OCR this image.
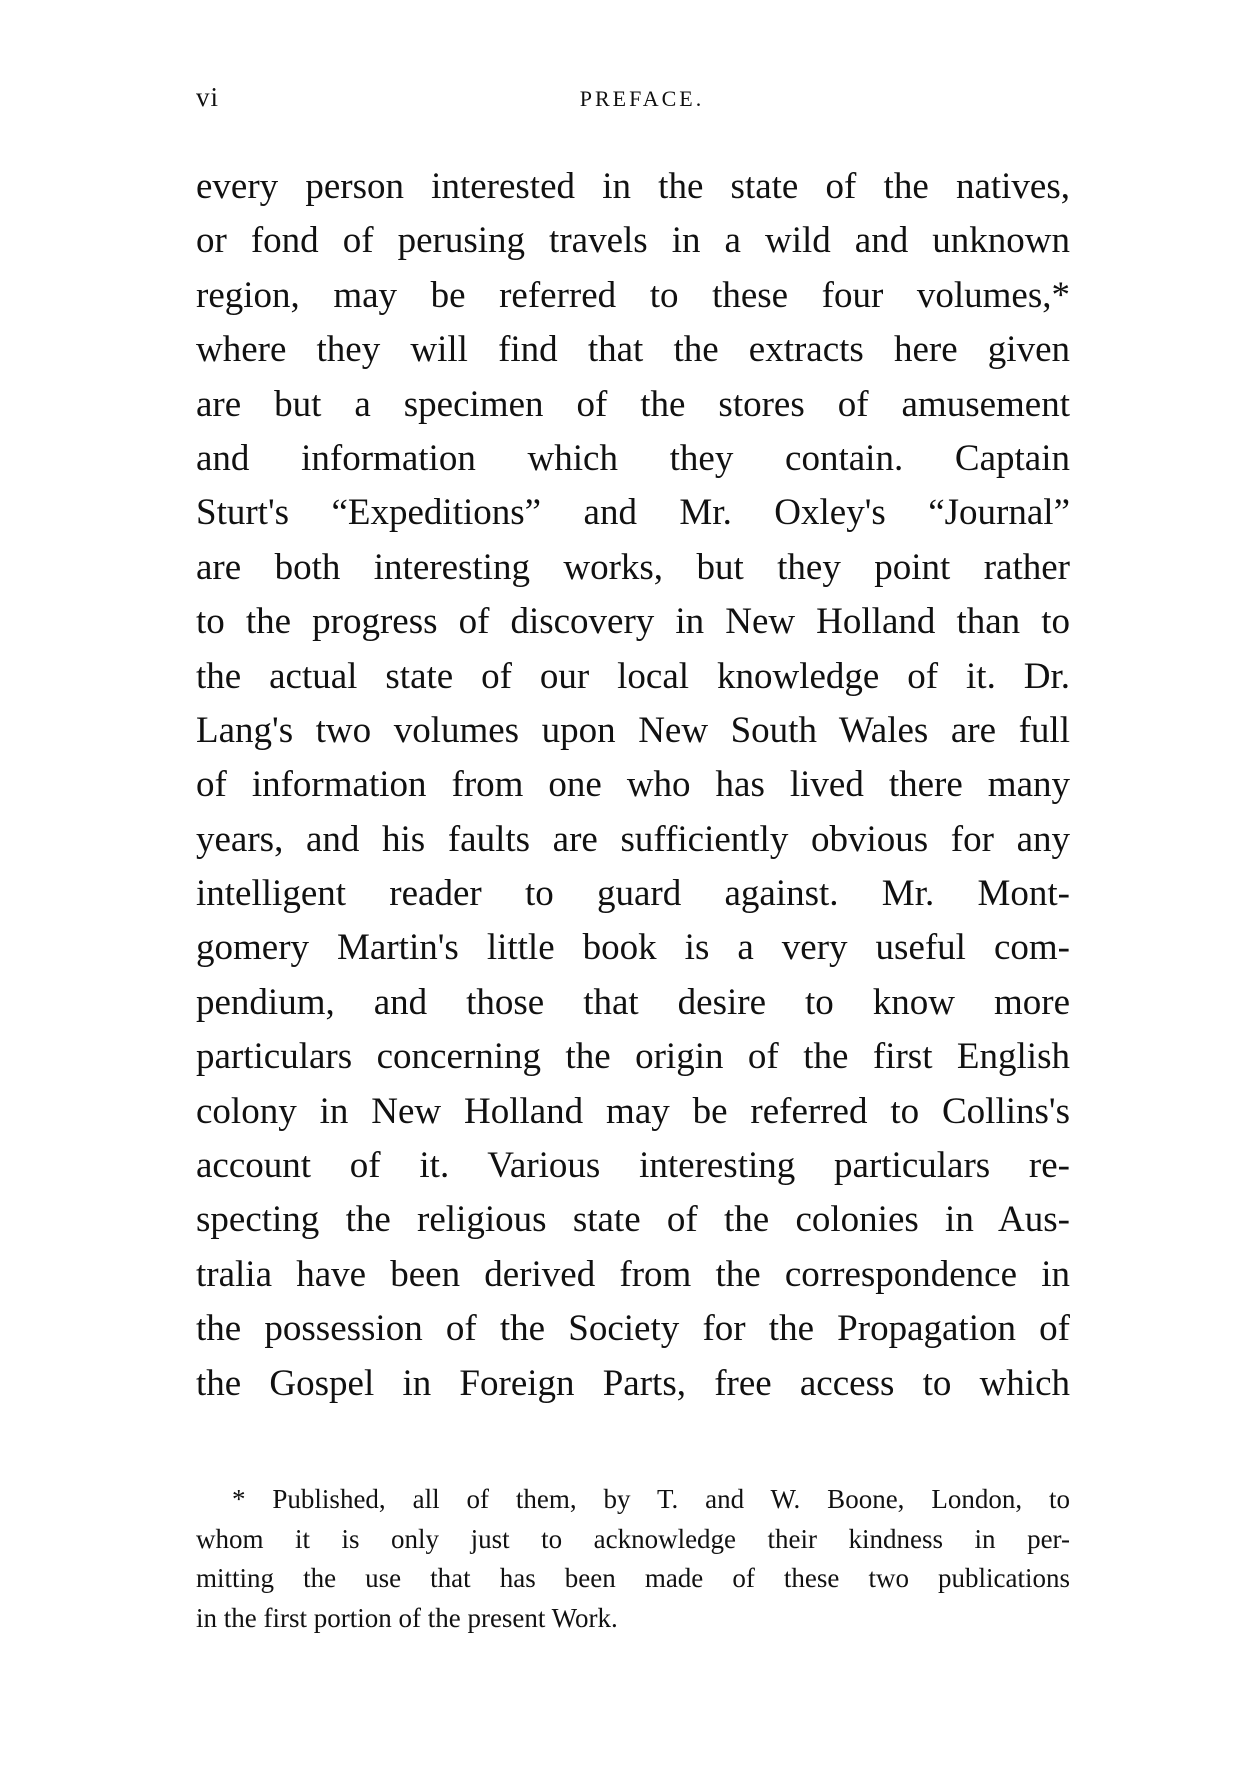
vi	PREFACE.
every person interested in the state of the natives,
or fond of perusing travels in a wild and unknown
region, may be referred to these four volumes,*
where they will find that the extracts here given
are but a specimen of the stores of amusement
and information which they contain. Captain
Sturt's “Expeditions” and Mr. Oxley's “Journal”
are both interesting works, but they point rather
to the progress of discovery in New Holland than to
the actual state of our local knowledge of it. Dr.
Lang's two volumes upon New South Wales are full
of information from one who has lived there many
years, and his faults are sufficiently obvious for any
intelligent reader to guard against. Mr. Mont-
gomery Martin's little book is a very useful com-
pendium, and those that desire to know more
particulars concerning the origin of the first English
colony in New Holland may be referred to Collins's
account of it. Various interesting particulars re-
specting the religious state of the colonies in Aus-
tralia have been derived from the correspondence in
the possession of the Society for the Propagation of
the Gospel in Foreign Parts, free access to which
* Published, all of them, by T. and W. Boone, London, to
whom it is only just to acknowledge their kindness in per-
mitting the use that has been made of these two publications
in the first portion of the present Work.
